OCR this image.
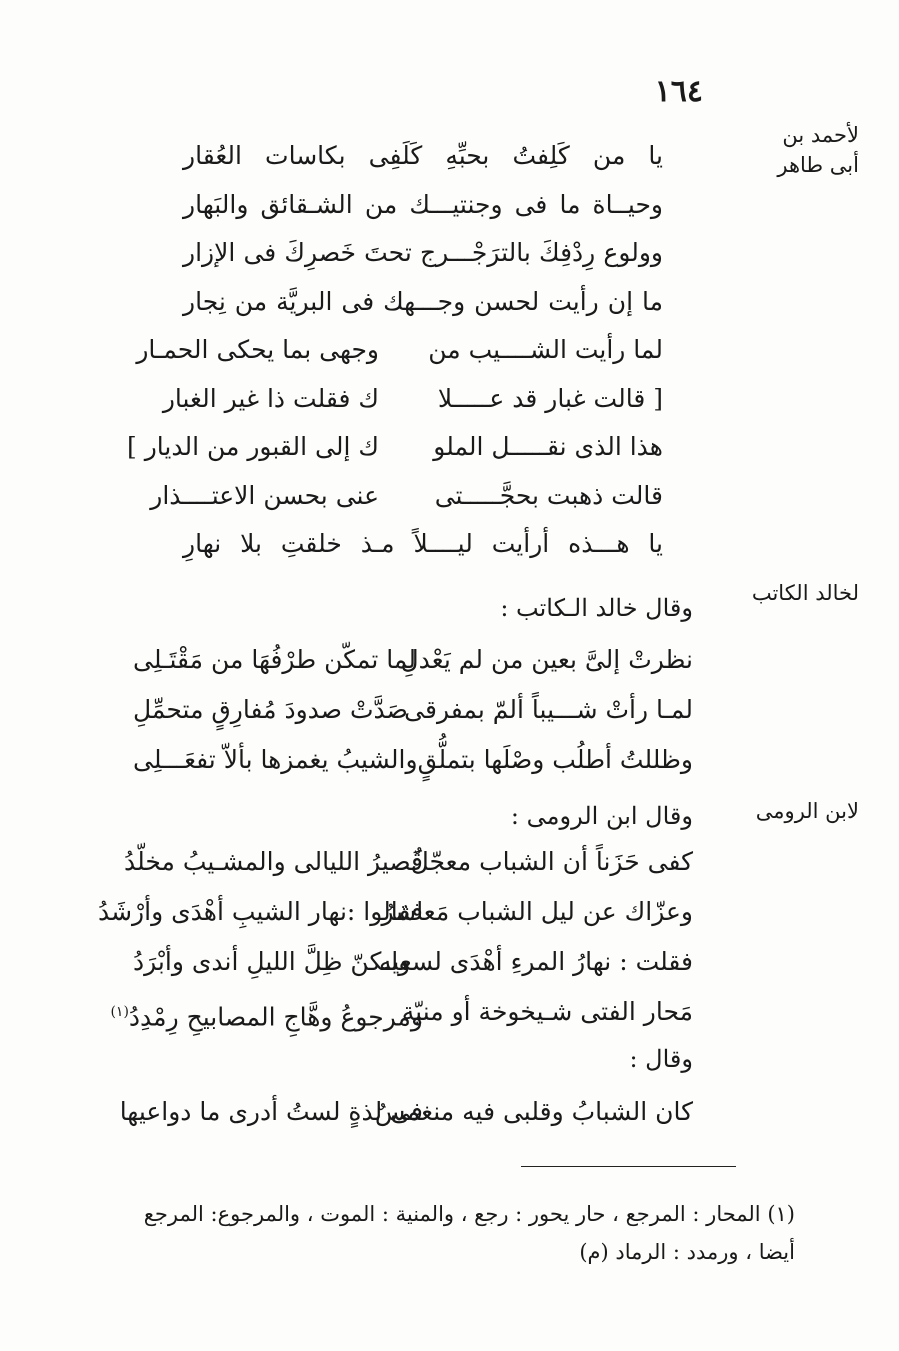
١٦٤
لأحمد بن
أبى طاهر
لخالد الكاتب
لابن الرومى
يا من كَلِفتُ بحبِّهِ كَلَفِى بكاسات العُقار
وحيــاة ما فى وجنتيـــك من الشـقائق والبَهار
وولوع رِدْفِكَ بالترَجْـــرج تحتَ خَصرِكَ فى الإزار
ما إن رأيت لحسن وجـــهك فى البريَّة من نِجار
لما رأيت الشــــيب من
وجهى بما يحكى الحمـار
[ قالت غبار قد عـــــلا
ك فقلت ذا غير الغبار
هذا الذى نقـــــل الملو
ك إلى القبور من الديار ]
قالت ذهبت بحجَّـــــتى
عنى بحسن الاعتــــذار
يا هـــذه أرأيت ليــــلاً مـذ خلقتِ بلا نهارِ
وقال خالد الـكاتب :
نظرتْ إلىَّ بعين من لم يَعْدلِ
لما تمكّن طرْفُهَا من مَقْتَـلِى
لمـا رأتْ شـــيباً ألمّ بمفرقى
صَدَّتْ صدودَ مُفارِقٍ متحمِّلِ
وظللتُ أطلُب وصْلَها بتملُّقٍ
والشيبُ يغمزها بألاّ تفعَـــلِى
وقال ابن الرومى :
كفى حَزَناً أن الشباب معجّلٌ
قَصيرُ الليالى والمشـيبُ مخلّدُ
وعزّاك عن ليل الشباب مَعاشرٌ
فقالوا :نهار الشيبِ أهْدَى وأرْشَدُ
فقلت : نهارُ المرءِ أهْدَى لسعيه
ولـكنّ ظِلَّ الليلِ أندى وأبْرَدُ
مَحار الفتى شـيخوخة أو منيّة
ومرجوعُ وهَّاجِ المصابيحِ رِمْدِدُ$^{(١)}$
وقال :
كان الشبابُ وقلبى فيه منغمسٌ
فى لذةٍ لستُ أدرى ما دواعيها
(١) المحار : المرجع ، حار يحور : رجع ، والمنية : الموت ، والمرجوع: المرجع
أيضا ، ورمدد : الرماد (م)
